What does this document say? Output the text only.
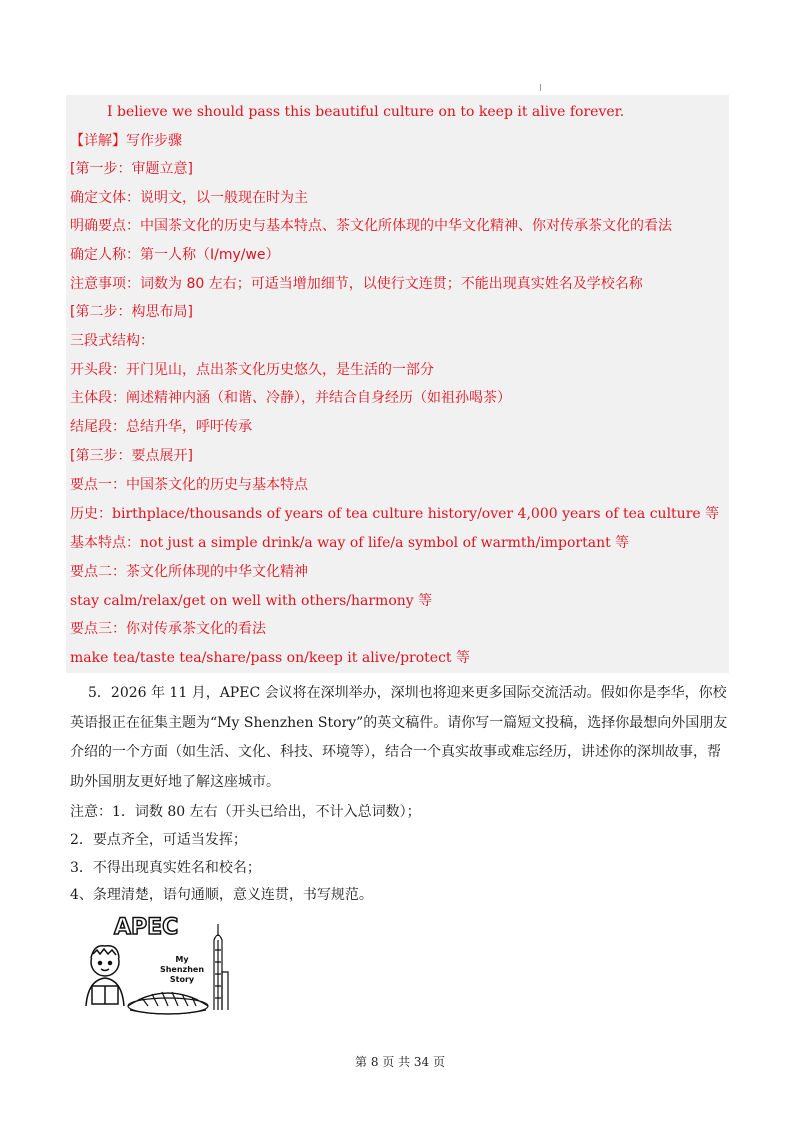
I believe we should pass this beautiful culture on to keep it alive forever.
【详解】写作步骤
[第一步：审题立意]
确定文体：说明文，以一般现在时为主
明确要点：中国茶文化的历史与基本特点、茶文化所体现的中华文化精神、你对传承茶文化的看法
确定人称：第一人称（I/my/we）
注意事项：词数为 80 左右；可适当增加细节，以使行文连贯；不能出现真实姓名及学校名称
[第二步：构思布局]
三段式结构：
开头段：开门见山，点出茶文化历史悠久，是生活的一部分
主体段：阐述精神内涵（和谐、冷静），并结合自身经历（如祖孙喝茶）
结尾段：总结升华，呼吁传承
[第三步：要点展开]
要点一：中国茶文化的历史与基本特点
历史：birthplace/thousands of years of tea culture history/over 4,000 years of tea culture 等
基本特点：not just a simple drink/a way of life/a symbol of warmth/important 等
要点二：茶文化所体现的中华文化精神
stay calm/relax/get on well with others/harmony 等
要点三：你对传承茶文化的看法
make tea/taste tea/share/pass on/keep it alive/protect 等
5．2026 年 11 月，APEC 会议将在深圳举办，深圳也将迎来更多国际交流活动。假如你是李华，你校英语报正在征集主题为“My Shenzhen Story”的英文稿件。请你写一篇短文投稿，选择你最想向外国朋友介绍的一个方面（如生活、文化、科技、环境等），结合一个真实故事或难忘经历，讲述你的深圳故事，帮助外国朋友更好地了解这座城市。
注意：1．词数 80 左右（开头已给出，不计入总词数）；
2．要点齐全，可适当发挥；
3．不得出现真实姓名和校名；
4、条理清楚，语句通顺，意义连贯，书写规范。
APEC
My
Shenzhen
Story
第 8 页 共 34 页
